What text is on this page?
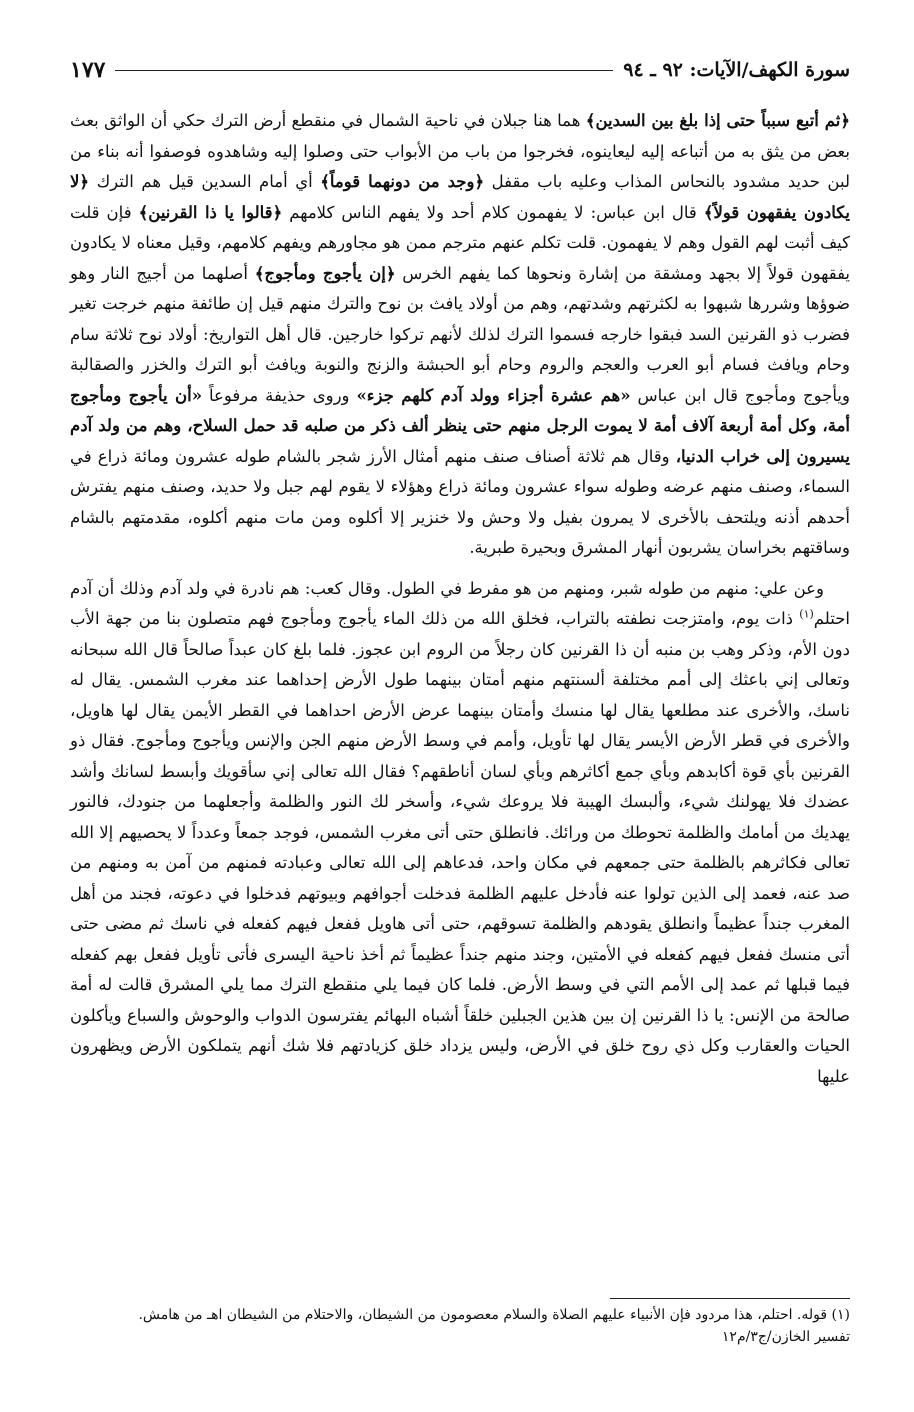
سورة الكهف/الآيات: ٩٢ ـ ٩٤
١٧٧

﴿ثم أتبع سبباً حتى إذا بلغ بين السدين﴾ هما هنا جبلان في ناحية الشمال في منقطع أرض الترك حكي أن الواثق بعث بعض من يثق به من أتباعه إليه ليعاينوه، فخرجوا من باب من الأبواب حتى وصلوا إليه وشاهدوه فوصفوا أنه بناء من لبن حديد مشدود بالنحاس المذاب وعليه باب مقفل ﴿وجد من دونهما قوماً﴾ أي أمام السدين قيل هم الترك ﴿لا يكادون يفقهون قولاً﴾ قال ابن عباس: لا يفهمون كلام أحد ولا يفهم الناس كلامهم ﴿قالوا يا ذا القرنين﴾ فإن قلت كيف أثبت لهم القول وهم لا يفهمون. قلت تكلم عنهم مترجم ممن هو مجاورهم ويفهم كلامهم، وقيل معناه لا يكادون يفقهون قولاً إلا بجهد ومشقة من إشارة ونحوها كما يفهم الخرس ﴿إن يأجوج ومأجوج﴾ أصلهما من أجيج النار وهو ضوؤها وشررها شبهوا به لكثرتهم وشدتهم، وهم من أولاد يافث بن نوح والترك منهم قيل إن طائفة منهم خرجت تغير فضرب ذو القرنين السد فبقوا خارجه فسموا الترك لذلك لأنهم تركوا خارجين. قال أهل التواريخ: أولاد نوح ثلاثة سام وحام ويافث فسام أبو العرب والعجم والروم وحام أبو الحبشة والزنج والنوبة ويافث أبو الترك والخزر والصقالبة ويأجوج ومأجوج قال ابن عباس «هم عشرة أجزاء وولد آدم كلهم جزء» وروى حذيفة مرفوعاً «أن يأجوج ومأجوج أمة، وكل أمة أربعة آلاف أمة لا يموت الرجل منهم حتى ينظر ألف ذكر من صلبه قد حمل السلاح، وهم من ولد آدم يسيرون إلى خراب الدنيا، وقال هم ثلاثة أصناف صنف منهم أمثال الأرز شجر بالشام طوله عشرون ومائة ذراع في السماء، وصنف منهم عرضه وطوله سواء عشرون ومائة ذراع وهؤلاء لا يقوم لهم جبل ولا حديد، وصنف منهم يفترش أحدهم أذنه ويلتحف بالأخرى لا يمرون بفيل ولا وحش ولا خنزير إلا أكلوه ومن مات منهم أكلوه، مقدمتهم بالشام وساقتهم بخراسان يشربون أنهار المشرق وبحيرة طبرية.

وعن علي: منهم من طوله شبر، ومنهم من هو مفرط في الطول. وقال كعب: هم نادرة في ولد آدم وذلك أن آدم احتلم$^{(١)}$ ذات يوم، وامتزجت نطفته بالتراب، فخلق الله من ذلك الماء يأجوج ومأجوج فهم متصلون بنا من جهة الأب دون الأم، وذكر وهب بن منبه أن ذا القرنين كان رجلاً من الروم ابن عجوز. فلما بلغ كان عبداً صالحاً قال الله سبحانه وتعالى إني باعثك إلى أمم مختلفة ألسنتهم منهم أمتان بينهما طول الأرض إحداهما عند مغرب الشمس. يقال له ناسك، والأخرى عند مطلعها يقال لها منسك وأمتان بينهما عرض الأرض احداهما في القطر الأيمن يقال لها هاويل، والأخرى في قطر الأرض الأيسر يقال لها تأويل، وأمم في وسط الأرض منهم الجن والإنس ويأجوج ومأجوج. فقال ذو القرنين بأي قوة أكابدهم وبأي جمع أكاثرهم وبأي لسان أناطقهم؟ فقال الله تعالى إني سأقويك وأبسط لسانك وأشد عضدك فلا يهولنك شيء، وألبسك الهيبة فلا يروعك شيء، وأسخر لك النور والظلمة وأجعلهما من جنودك، فالنور يهديك من أمامك والظلمة تحوطك من ورائك. فانطلق حتى أتى مغرب الشمس، فوجد جمعاً وعدداً لا يحصيهم إلا الله تعالى فكاثرهم بالظلمة حتى جمعهم في مكان واحد، فدعاهم إلى الله تعالى وعبادته فمنهم من آمن به ومنهم من صد عنه، فعمد إلى الذين تولوا عنه فأدخل عليهم الظلمة فدخلت أجوافهم وبيوتهم فدخلوا في دعوته، فجند من أهل المغرب جنداً عظيماً وانطلق يقودهم والظلمة تسوقهم، حتى أتى هاويل ففعل فيهم كفعله في ناسك ثم مضى حتى أتى منسك ففعل فيهم كفعله في الأمتين، وجند منهم جنداً عظيماً ثم أخذ ناحية اليسرى فأتى تأويل ففعل بهم كفعله فيما قبلها ثم عمد إلى الأمم التي في وسط الأرض. فلما كان فيما يلي منقطع الترك مما يلي المشرق قالت له أمة صالحة من الإنس: يا ذا القرنين إن بين هذين الجبلين خلقاً أشباه البهائم يفترسون الدواب والوحوش والسباع ويأكلون الحيات والعقارب وكل ذي روح خلق في الأرض، وليس يزداد خلق كزيادتهم فلا شك أنهم يتملكون الأرض ويظهرون عليها

(١) قوله. احتلم، هذا مردود فإن الأنبياء عليهم الصلاة والسلام معصومون من الشيطان، والاحتلام من الشيطان اهـ من هامش.
تفسير الخازن/ج٣/م١٢
